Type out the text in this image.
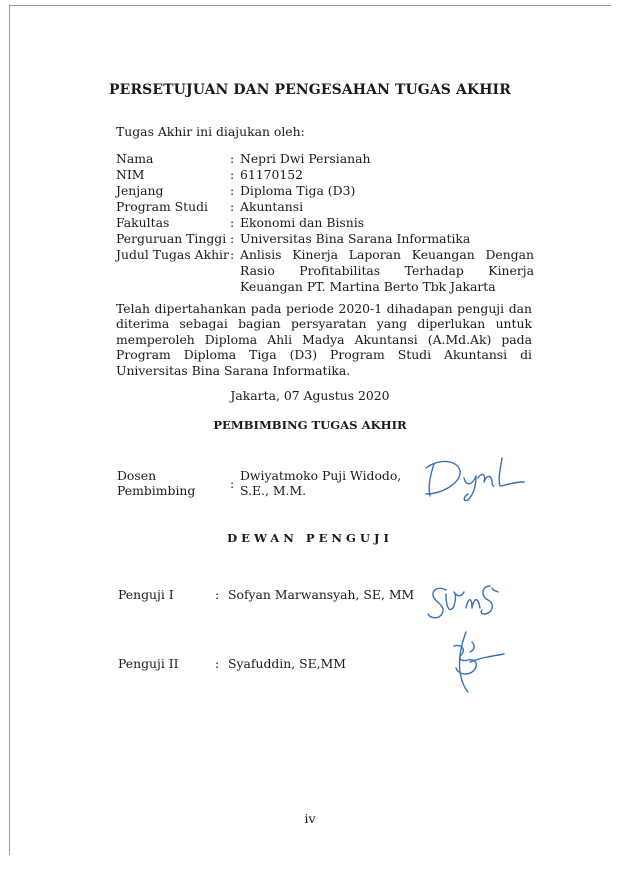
PERSETUJUAN DAN PENGESAHAN TUGAS AKHIR
Tugas Akhir ini diajukan oleh:
Nama	:	Nepri Dwi Persianah
NIM	:	61170152
Jenjang	:	Diploma Tiga (D3)
Program Studi	:	Akuntansi
Fakultas	:	Ekonomi dan Bisnis
Perguruan Tinggi	:	Universitas Bina Sarana Informatika
Judul Tugas Akhir	:	Anlisis Kinerja Laporan Keuangan Dengan Rasio Profitabilitas Terhadap Kinerja Keuangan PT. Martina Berto Tbk Jakarta

Telah dipertahankan pada periode 2020-1 dihadapan penguji dan diterima sebagai bagian persyaratan yang diperlukan untuk memperoleh Diploma Ahli Madya Akuntansi (A.Md.Ak) pada Program Diploma Tiga (D3) Program Studi Akuntansi di Universitas Bina Sarana Informatika.

Jakarta, 07 Agustus 2020
PEMBIMBING TUGAS AKHIR
Dosen
Pembimbing	:
Dwiyatmoko Puji Widodo,
S.E., M.M.
DEWAN PENGUJI
Penguji I	: Sofyan Marwansyah, SE, MM
Penguji II	: Syafuddin, SE,MM
iv
